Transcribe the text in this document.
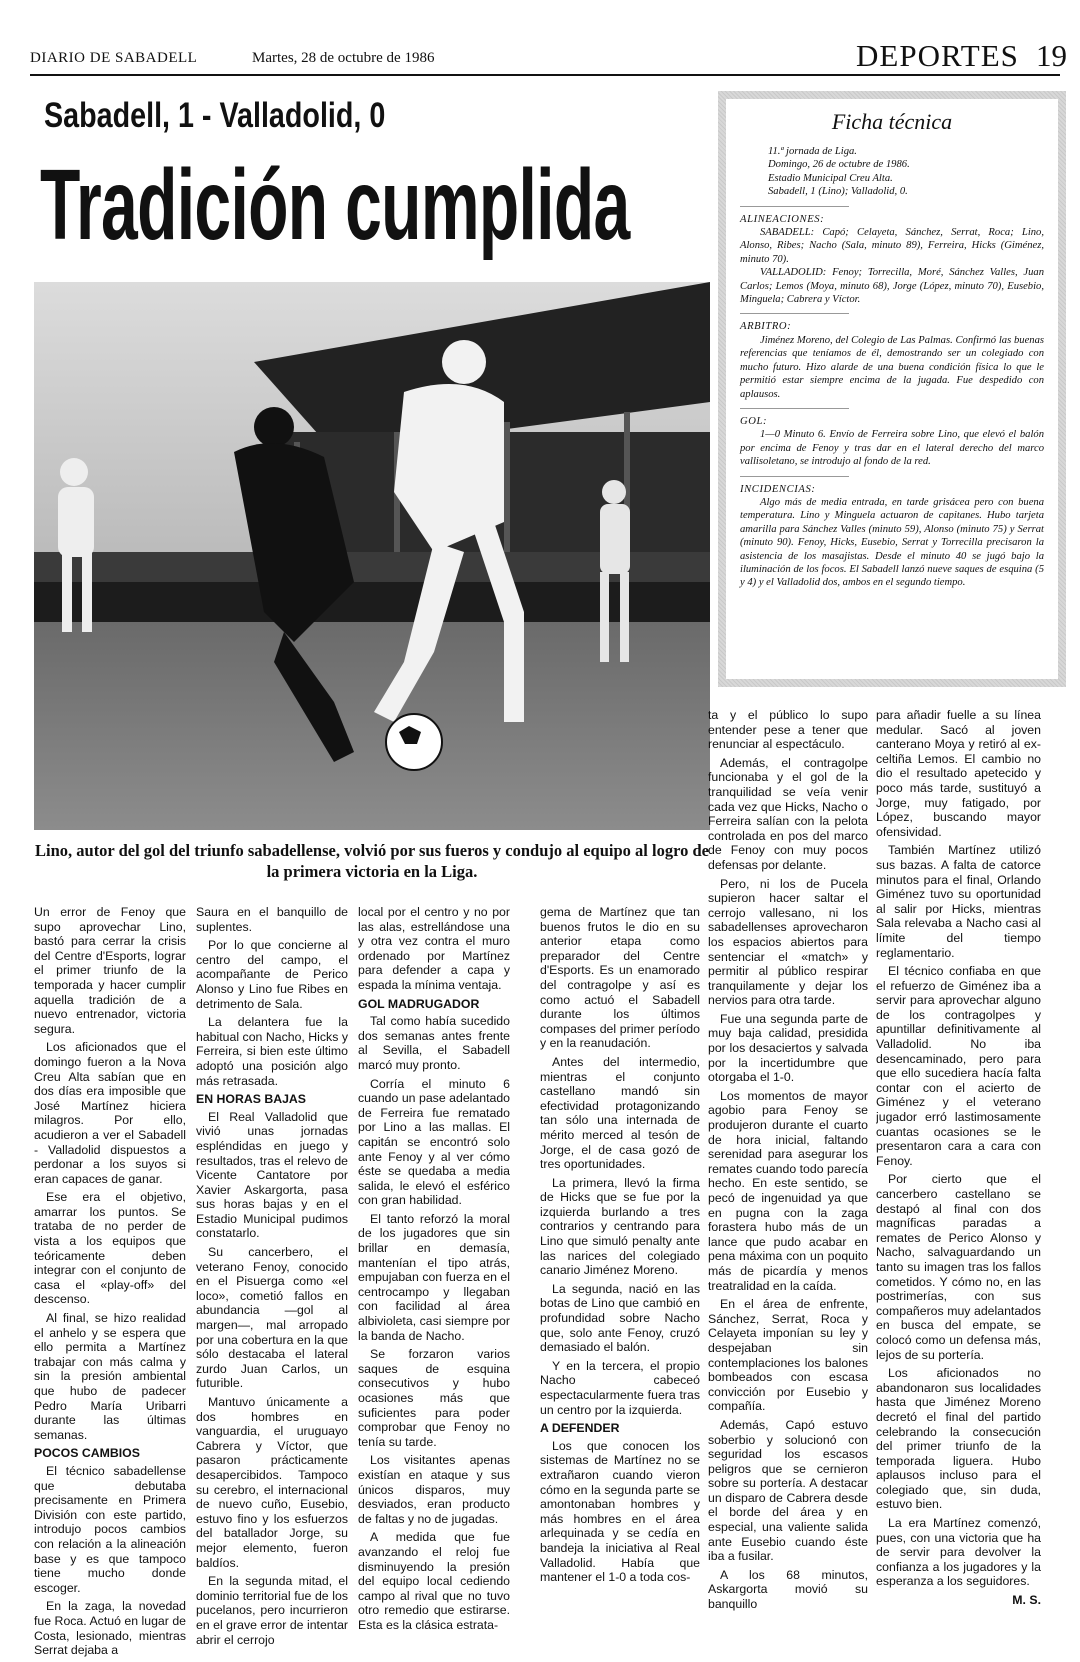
DIARIO DE SABADELL	Martes, 28 de octubre de 1986	DEPORTES 19
Sabadell, 1 - Valladolid, 0
Tradición cumplida
Lino, autor del gol del triunfo sabadellense, volvió por sus fueros y condujo al equipo al logro de la primera victoria en la Liga.
Ficha técnica
11.ª jornada de Liga.
Domingo, 26 de octubre de 1986.
Estadio Municipal Creu Alta.
Sabadell, 1 (Lino); Valladolid, 0.
ALINEACIONES:

SABADELL: Capó; Celayeta, Sánchez, Serrat, Roca; Lino, Alonso, Ribes; Nacho (Sala, minuto 89), Ferreira, Hicks (Giménez, minuto 70).

VALLADOLID: Fenoy; Torrecilla, Moré, Sánchez Valles, Juan Carlos; Lemos (Moya, minuto 68), Jorge (López, minuto 70), Eusebio, Minguela; Cabrera y Víctor.

ARBITRO:

Jiménez Moreno, del Colegio de Las Palmas. Confirmó las buenas referencias que teníamos de él, demostrando ser un colegiado con mucho futuro. Hizo alarde de una buena condición física lo que le permitió estar siempre encima de la jugada. Fue despedido con aplausos.

GOL:

1—0 Minuto 6. Envío de Ferreira sobre Lino, que elevó el balón por encima de Fenoy y tras dar en el lateral derecho del marco vallisoletano, se introdujo al fondo de la red.

INCIDENCIAS:

Algo más de media entrada, en tarde grisácea pero con buena temperatura. Lino y Minguela actuaron de capitanes. Hubo tarjeta amarilla para Sánchez Valles (minuto 59), Alonso (minuto 75) y Serrat (minuto 90). Fenoy, Hicks, Eusebio, Serrat y Torrecilla precisaron la asistencia de los masajistas. Desde el minuto 40 se jugó bajo la iluminación de los focos. El Sabadell lanzó nueve saques de esquina (5 y 4) y el Valladolid dos, ambos en el segundo tiempo.

Un error de Fenoy que supo aprovechar Lino, bastó para cerrar la crisis del Centre d'Esports, lograr el primer triunfo de la temporada y hacer cumplir aquella tradición de a nuevo entrenador, victoria segura.

Los aficionados que el domingo fueron a la Nova Creu Alta sabían que en dos días era imposible que José Martínez hiciera milagros. Por ello, acudieron a ver el Sabadell - Valladolid dispuestos a perdonar a los suyos si eran capaces de ganar.

Ese era el objetivo, amarrar los puntos. Se trataba de no perder de vista a los equipos que teóricamente deben integrar con el conjunto de casa el «play-off» del descenso.

Al final, se hizo realidad el anhelo y se espera que ello permita a Martínez trabajar con más calma y sin la presión ambiental que hubo de padecer Pedro María Uribarri durante las últimas semanas.

POCOS CAMBIOS

El técnico sabadellense que debutaba precisamente en Primera División con este partido, introdujo pocos cambios con relación a la alineación base y es que tampoco tiene mucho donde escoger.

En la zaga, la novedad fue Roca. Actuó en lugar de Costa, lesionado, mientras Serrat dejaba a

Saura en el banquillo de suplentes.

Por lo que concierne al centro del campo, el acompañante de Perico Alonso y Lino fue Ribes en detrimento de Sala.

La delantera fue la habitual con Nacho, Hicks y Ferreira, si bien este último adoptó una posición algo más retrasada.

EN HORAS BAJAS

El Real Valladolid que vivió unas jornadas espléndidas en juego y resultados, tras el relevo de Vicente Cantatore por Xavier Askargorta, pasa sus horas bajas y en el Estadio Municipal pudimos constatarlo.

Su cancerbero, el veterano Fenoy, conocido en el Pisuerga como «el loco», cometió fallos en abundancia —gol al margen—, mal arropado por una cobertura en la que sólo destacaba el lateral zurdo Juan Carlos, un futurible.

Mantuvo únicamente a dos hombres en vanguardia, el uruguayo Cabrera y Víctor, que pasaron prácticamente desapercibidos. Tampoco su cerebro, el internacional de nuevo cuño, Eusebio, estuvo fino y los esfuerzos del batallador Jorge, su mejor elemento, fueron baldíos.

En la segunda mitad, el dominio territorial fue de los pucelanos, pero incurrieron en el grave error de intentar abrir el cerrojo

local por el centro y no por las alas, estrellándose una y otra vez contra el muro ordenado por Martínez para defender a capa y espada la mínima ventaja.

GOL MADRUGADOR

Tal como había sucedido dos semanas antes frente al Sevilla, el Sabadell marcó muy pronto.

Corría el minuto 6 cuando un pase adelantado de Ferreira fue rematado por Lino a las mallas. El capitán se encontró solo ante Fenoy y al ver cómo éste se quedaba a media salida, le elevó el esférico con gran habilidad.

El tanto reforzó la moral de los jugadores que sin brillar en demasía, mantenían el tipo atrás, empujaban con fuerza en el centrocampo y llegaban con facilidad al área albivioleta, casi siempre por la banda de Nacho.

Se forzaron varios saques de esquina consecutivos y hubo ocasiones más que suficientes para poder comprobar que Fenoy no tenía su tarde.

Los visitantes apenas existían en ataque y sus únicos disparos, muy desviados, eran producto de faltas y no de jugadas.

A medida que fue avanzando el reloj fue disminuyendo la presión del equipo local cediendo campo al rival que no tuvo otro remedio que estirarse. Esta es la clásica estrata-

gema de Martínez que tan buenos frutos le dio en su anterior etapa como preparador del Centre d'Esports. Es un enamorado del contragolpe y así es como actuó el Sabadell durante los últimos compases del primer período y en la reanudación.

Antes del intermedio, mientras el conjunto castellano mandó sin efectividad protagonizando tan sólo una internada de mérito merced al tesón de Jorge, el de casa gozó de tres oportunidades.

La primera, llevó la firma de Hicks que se fue por la izquierda burlando a tres contrarios y centrando para Lino que simuló penalty ante las narices del colegiado canario Jiménez Moreno.

La segunda, nació en las botas de Lino que cambió en profundidad sobre Nacho que, solo ante Fenoy, cruzó demasiado el balón.

Y en la tercera, el propio Nacho cabeceó espectacularmente fuera tras un centro por la izquierda.

A DEFENDER

Los que conocen los sistemas de Martínez no se extrañaron cuando vieron cómo en la segunda parte se amontonaban hombres y más hombres en el área arlequinada y se cedía en bandeja la iniciativa al Real Valladolid. Había que mantener el 1-0 a toda cos-

ta y el público lo supo entender pese a tener que renunciar al espectáculo.

Además, el contragolpe funcionaba y el gol de la tranquilidad se veía venir cada vez que Hicks, Nacho o Ferreira salían con la pelota controlada en pos del marco de Fenoy con muy pocos defensas por delante.

Pero, ni los de Pucela supieron hacer saltar el cerrojo vallesano, ni los sabadellenses aprovecharon los espacios abiertos para sentenciar el «match» y permitir al público respirar tranquilamente y dejar los nervios para otra tarde.

Fue una segunda parte de muy baja calidad, presidida por los desaciertos y salvada por la incertidumbre que otorgaba el 1-0.

Los momentos de mayor agobio para Fenoy se produjeron durante el cuarto de hora inicial, faltando serenidad para asegurar los remates cuando todo parecía hecho. En este sentido, se pecó de ingenuidad ya que en pugna con la zaga forastera hubo más de un lance que pudo acabar en pena máxima con un poquito más de picardía y menos treatralidad en la caída.

En el área de enfrente, Sánchez, Serrat, Roca y Celayeta imponían su ley y despejaban sin contemplaciones los balones bombeados con escasa convicción por Eusebio y compañía.

Además, Capó estuvo soberbio y solucionó con seguridad los escasos peligros que se cernieron sobre su portería. A destacar un disparo de Cabrera desde el borde del área y en especial, una valiente salida ante Eusebio cuando éste iba a fusilar.

A los 68 minutos, Askargorta movió su banquillo

para añadir fuelle a su línea medular. Sacó al joven canterano Moya y retiró al ex-celtiña Lemos. El cambio no dio el resultado apetecido y poco más tarde, sustituyó a Jorge, muy fatigado, por López, buscando mayor ofensividad.

También Martínez utilizó sus bazas. A falta de catorce minutos para el final, Orlando Giménez tuvo su oportunidad al salir por Hicks, mientras Sala relevaba a Nacho casi al límite del tiempo reglamentario.

El técnico confiaba en que el refuerzo de Giménez iba a servir para aprovechar alguno de los contragolpes y apuntillar definitivamente al Valladolid. No iba desencaminado, pero para que ello sucediera hacía falta contar con el acierto de Giménez y el veterano jugador erró lastimosamente cuantas ocasiones se le presentaron cara a cara con Fenoy.

Por cierto que el cancerbero castellano se destapó al final con dos magníficas paradas a remates de Perico Alonso y Nacho, salvaguardando un tanto su imagen tras los fallos cometidos. Y cómo no, en las postrimerías, con sus compañeros muy adelantados en busca del empate, se colocó como un defensa más, lejos de su portería.

Los aficionados no abandonaron sus localidades hasta que Jiménez Moreno decretó el final del partido celebrando la consecución del primer triunfo de la temporada liguera. Hubo aplausos incluso para el colegiado que, sin duda, estuvo bien.

La era Martínez comenzó, pues, con una victoria que ha de servir para devolver la confianza a los jugadores y la esperanza a los seguidores.

M. S.
